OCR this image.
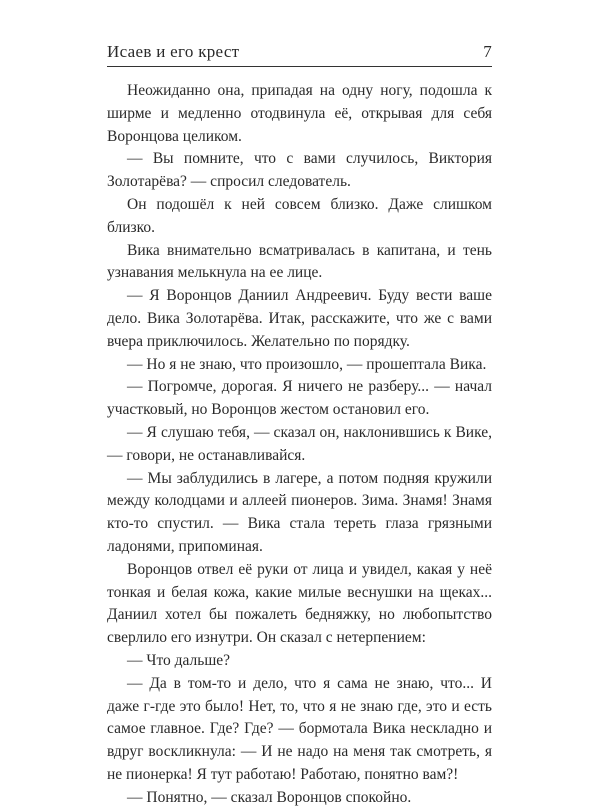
Исаев и его крест	7

Неожиданно она, припадая на одну ногу, подошла к ширме и медленно отодвинула её, открывая для себя Воронцова целиком.

— Вы помните, что с вами случилось, Виктория Золотарёва? — спросил следователь.

Он подошёл к ней совсем близко. Даже слишком близко.

Вика внимательно всматривалась в капитана, и тень узнавания мелькнула на ее лице.

— Я Воронцов Даниил Андреевич. Буду вести ваше дело. Вика Золотарёва. Итак, расскажите, что же с вами вчера приключилось. Желательно по порядку.

— Но я не знаю, что произошло, — прошептала Вика.

— Погромче, дорогая. Я ничего не разберу... — начал участковый, но Воронцов жестом остановил его.

— Я слушаю тебя, — сказал он, наклонившись к Вике, — говори, не останавливайся.

— Мы заблудились в лагере, а потом подняя кружили между колодцами и аллеей пионеров. Зима. Знамя! Знамя кто-то спустил. — Вика стала тереть глаза грязными ладонями, припоминая.

Воронцов отвел её руки от лица и увидел, какая у неё тонкая и белая кожа, какие милые веснушки на щеках... Даниил хотел бы пожалеть бедняжку, но любопытство сверлило его изнутри. Он сказал с нетерпением:

— Что дальше?

— Да в том-то и дело, что я сама не знаю, что... И даже г-где это было! Нет, то, что я не знаю где, это и есть самое главное. Где? Где? — бормотала Вика нескладно и вдруг воскликнула: — И не надо на меня так смотреть, я не пионерка! Я тут работаю! Работаю, понятно вам?!

— Понятно, — сказал Воронцов спокойно.
